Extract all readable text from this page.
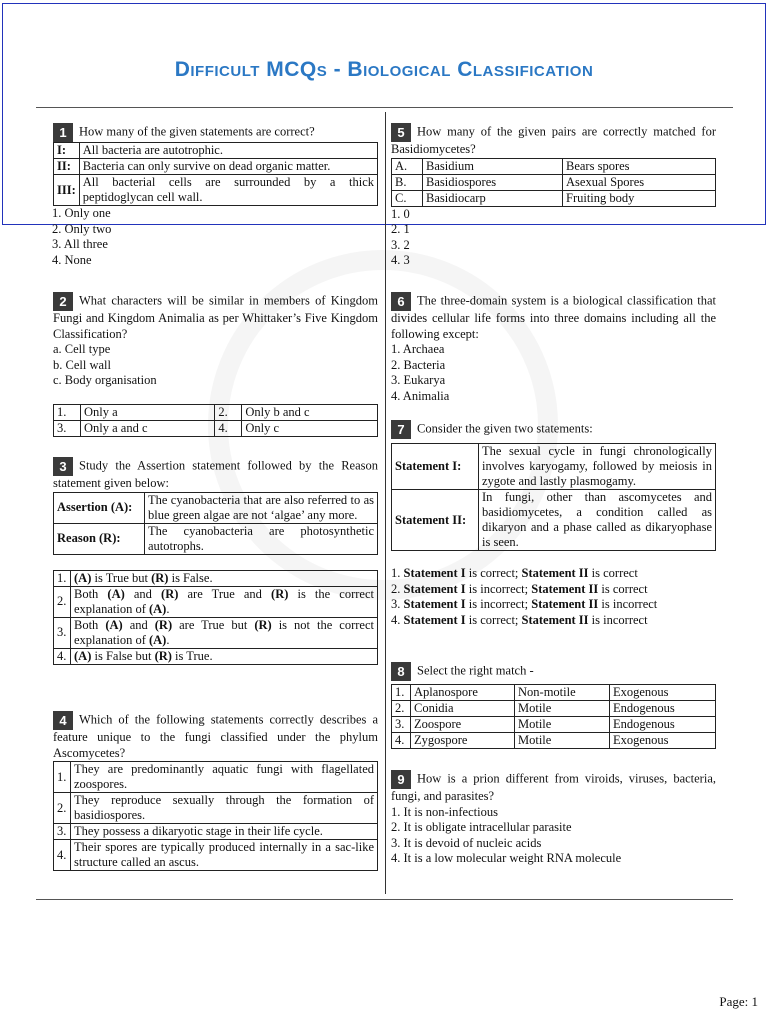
Difficult MCQs - Biological Classification
1 How many of the given statements are correct?
I:	All bacteria are autotrophic.
II:	Bacteria can only survive on dead organic matter.
III:	All bacterial cells are surrounded by a thick peptidoglycan cell wall.
1. Only one
2. Only two
3. All three
4. None
2 What characters will be similar in members of Kingdom Fungi and Kingdom Animalia as per Whittaker’s Five Kingdom Classification?
a. Cell type
b. Cell wall
c. Body organisation
1.	Only a	2.	Only b and c
3.	Only a and c	4.	Only c
3 Study the Assertion statement followed by the Reason statement given below:
Assertion (A):	The cyanobacteria that are also referred to as blue green algae are not ‘algae’ any more.
Reason (R):	The cyanobacteria are photosynthetic autotrophs.
1.	(A) is True but (R) is False.
2.	Both (A) and (R) are True and (R) is the correct explanation of (A).
3.	Both (A) and (R) are True but (R) is not the correct explanation of (A).
4.	(A) is False but (R) is True.
4 Which of the following statements correctly describes a feature unique to the fungi classified under the phylum Ascomycetes?
1.	They are predominantly aquatic fungi with flagellated zoospores.
2.	They reproduce sexually through the formation of basidiospores.
3.	They possess a dikaryotic stage in their life cycle.
4.	Their spores are typically produced internally in a sac-like structure called an ascus.
5 How many of the given pairs are correctly matched for Basidiomycetes?
A.	Basidium	Bears spores
B.	Basidiospores	Asexual Spores
C.	Basidiocarp	Fruiting body
1. 0
2. 1
3. 2
4. 3
6 The three-domain system is a biological classification that divides cellular life forms into three domains including all the following except:
1. Archaea
2. Bacteria
3. Eukarya
4. Animalia
7 Consider the given two statements:
Statement I:	The sexual cycle in fungi chronologically involves karyogamy, followed by meiosis in zygote and lastly plasmogamy.
Statement II:	In fungi, other than ascomycetes and basidiomycetes, a condition called as dikaryon and a phase called as dikaryophase is seen.
1. Statement I is correct; Statement II is correct
2. Statement I is incorrect; Statement II is correct
3. Statement I is incorrect; Statement II is incorrect
4. Statement I is correct; Statement II is incorrect
8 Select the right match -
1.	Aplanospore	Non-motile	Exogenous
2.	Conidia	Motile	Endogenous
3.	Zoospore	Motile	Endogenous
4.	Zygospore	Motile	Exogenous
9 How is a prion different from viroids, viruses, bacteria, fungi, and parasites?
1. It is non-infectious
2. It is obligate intracellular parasite
3. It is devoid of nucleic acids
4. It is a low molecular weight RNA molecule
Page: 1
